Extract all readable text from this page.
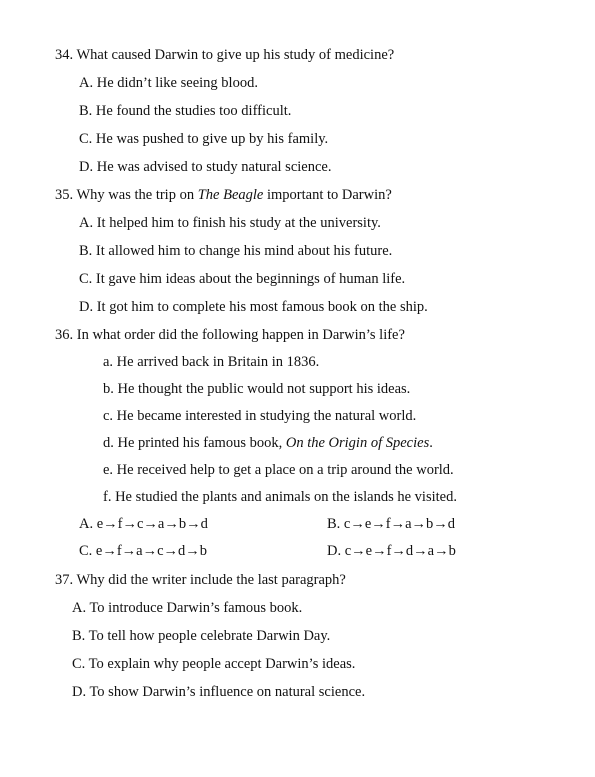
34. What caused Darwin to give up his study of medicine?
A. He didn’t like seeing blood.
B. He found the studies too difficult.
C. He was pushed to give up by his family.
D. He was advised to study natural science.
35. Why was the trip on The Beagle important to Darwin?
A. It helped him to finish his study at the university.
B. It allowed him to change his mind about his future.
C. It gave him ideas about the beginnings of human life.
D. It got him to complete his most famous book on the ship.
36. In what order did the following happen in Darwin’s life?
a. He arrived back in Britain in 1836.
b. He thought the public would not support his ideas.
c. He became interested in studying the natural world.
d. He printed his famous book, On the Origin of Species.
e. He received help to get a place on a trip around the world.
f. He studied the plants and animals on the islands he visited.
A. e→f→c→a→b→d	B. c→e→f→a→b→d
C. e→f→a→c→d→b	D. c→e→f→d→a→b
37. Why did the writer include the last paragraph?
A. To introduce Darwin’s famous book.
B. To tell how people celebrate Darwin Day.
C. To explain why people accept Darwin’s ideas.
D. To show Darwin’s influence on natural science.
